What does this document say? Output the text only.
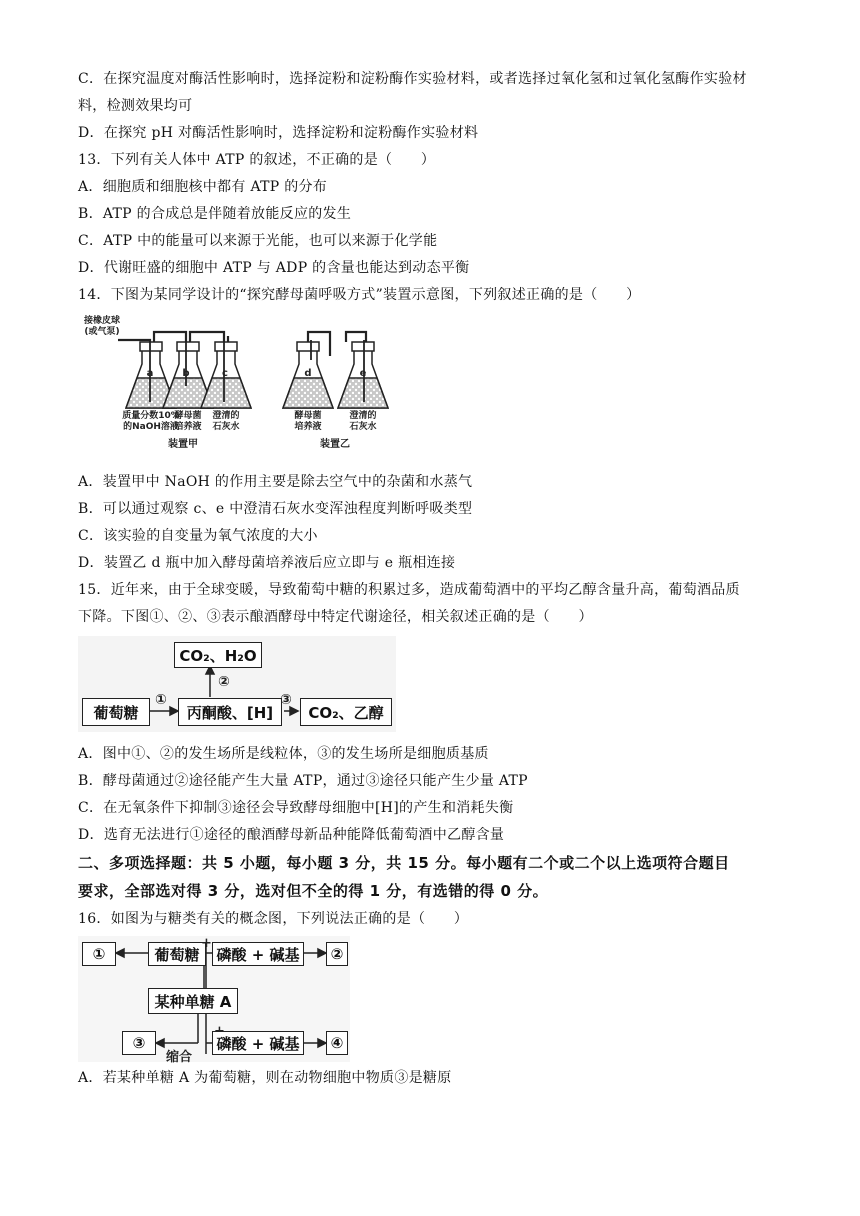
C．在探究温度对酶活性影响时，选择淀粉和淀粉酶作实验材料，或者选择过氧化氢和过氧化氢酶作实验材
料，检测效果均可
D．在探究 pH 对酶活性影响时，选择淀粉和淀粉酶作实验材料
13．下列有关人体中 ATP 的叙述，不正确的是（　　）
A．细胞质和细胞核中都有 ATP 的分布
B．ATP 的合成总是伴随着放能反应的发生
C．ATP 中的能量可以来源于光能，也可以来源于化学能
D．代谢旺盛的细胞中 ATP 与 ADP 的含量也能达到动态平衡
14．下图为某同学设计的“探究酵母菌呼吸方式”装置示意图，下列叙述正确的是（　　）
接橡皮球
(或气泵)
a	b	c	d	e
质量分数10%
的NaOH溶液
酵母菌
培养液
澄清的
石灰水
酵母菌
培养液
澄清的
石灰水
装置甲	装置乙
A．装置甲中 NaOH 的作用主要是除去空气中的杂菌和水蒸气
B．可以通过观察 c、e 中澄清石灰水变浑浊程度判断呼吸类型
C．该实验的自变量为氧气浓度的大小
D．装置乙 d 瓶中加入酵母菌培养液后应立即与 e 瓶相连接
15．近年来，由于全球变暖，导致葡萄中糖的积累过多，造成葡萄酒中的平均乙醇含量升高，葡萄酒品质
下降。下图①、②、③表示酿酒酵母中特定代谢途径，相关叙述正确的是（　　）
CO₂、H₂O
葡萄糖	丙酮酸、[H]	CO₂、乙醇
①
②
③
A．图中①、②的发生场所是线粒体，③的发生场所是细胞质基质
B．酵母菌通过②途径能产生大量 ATP，通过③途径只能产生少量 ATP
C．在无氧条件下抑制③途径会导致酵母细胞中[H]的产生和消耗失衡
D．选育无法进行①途径的酿酒酵母新品种能降低葡萄酒中乙醇含量
二、多项选择题：共 5 小题，每小题 3 分，共 15 分。每小题有二个或二个以上选项符合题目
要求，全部选对得 3 分，选对但不全的得 1 分，有选错的得 0 分。
16．如图为与糖类有关的概念图，下列说法正确的是（　　）
①	葡萄糖
+
磷酸 + 碱基	②
某种单糖 A
③
缩合
磷酸 + 碱基	④
A．若某种单糖 A 为葡萄糖，则在动物细胞中物质③是糖原
